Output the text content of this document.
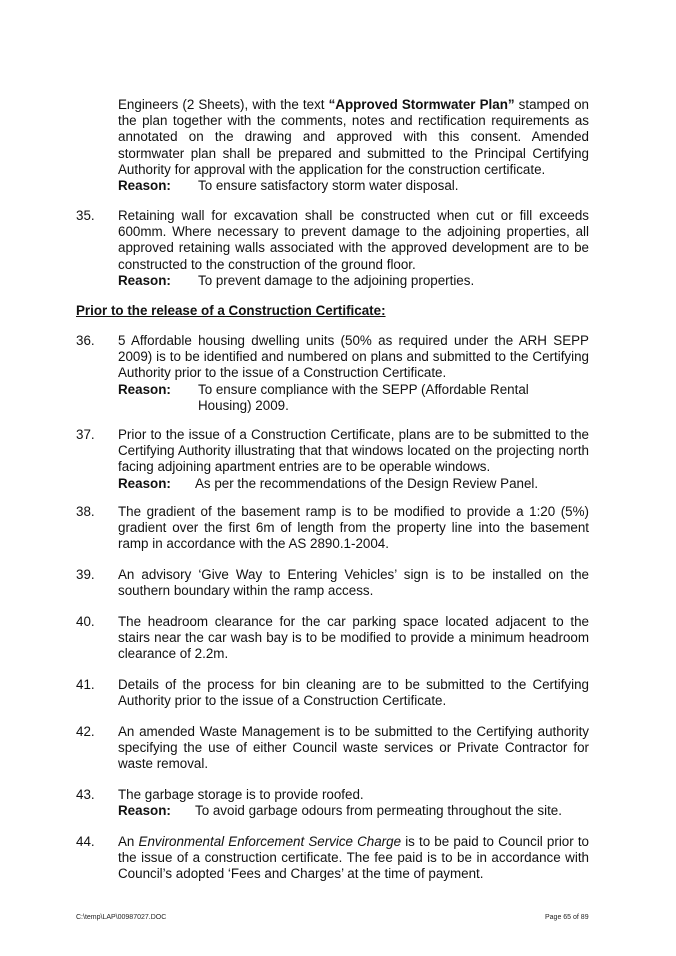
Engineers (2 Sheets), with the text “Approved Stormwater Plan” stamped on the plan together with the comments, notes and rectification requirements as annotated on the drawing and approved with this consent. Amended stormwater plan shall be prepared and submitted to the Principal Certifying Authority for approval with the application for the construction certificate.
Reason:	To ensure satisfactory storm water disposal.
35.	Retaining wall for excavation shall be constructed when cut or fill exceeds 600mm. Where necessary to prevent damage to the adjoining properties, all approved retaining walls associated with the approved development are to be constructed to the construction of the ground floor.
Reason:	To prevent damage to the adjoining properties.
Prior to the release of a Construction Certificate:
36.	5 Affordable housing dwelling units (50% as required under the ARH SEPP 2009) is to be identified and numbered on plans and submitted to the Certifying Authority prior to the issue of a Construction Certificate.
Reason:	To ensure compliance with the SEPP (Affordable Rental
Housing) 2009.
37.	Prior to the issue of a Construction Certificate, plans are to be submitted to the Certifying Authority illustrating that that windows located on the projecting north facing adjoining apartment entries are to be operable windows.
Reason:	As per the recommendations of the Design Review Panel.
38.	The gradient of the basement ramp is to be modified to provide a 1:20 (5%) gradient over the first 6m of length from the property line into the basement ramp in accordance with the AS 2890.1-2004.
39.	An advisory ‘Give Way to Entering Vehicles’ sign is to be installed on the southern boundary within the ramp access.
40.	The headroom clearance for the car parking space located adjacent to the stairs near the car wash bay is to be modified to provide a minimum headroom clearance of 2.2m.
41.	Details of the process for bin cleaning are to be submitted to the Certifying Authority prior to the issue of a Construction Certificate.
42.	An amended Waste Management is to be submitted to the Certifying authority specifying the use of either Council waste services or Private Contractor for waste removal.
43.	The garbage storage is to provide roofed.
Reason:	To avoid garbage odours from permeating throughout the site.
44.	An Environmental Enforcement Service Charge is to be paid to Council prior to the issue of a construction certificate. The fee paid is to be in accordance with Council’s adopted ‘Fees and Charges’ at the time of payment.
C:\temp\LAP\00987027.DOC	Page 65 of 89
